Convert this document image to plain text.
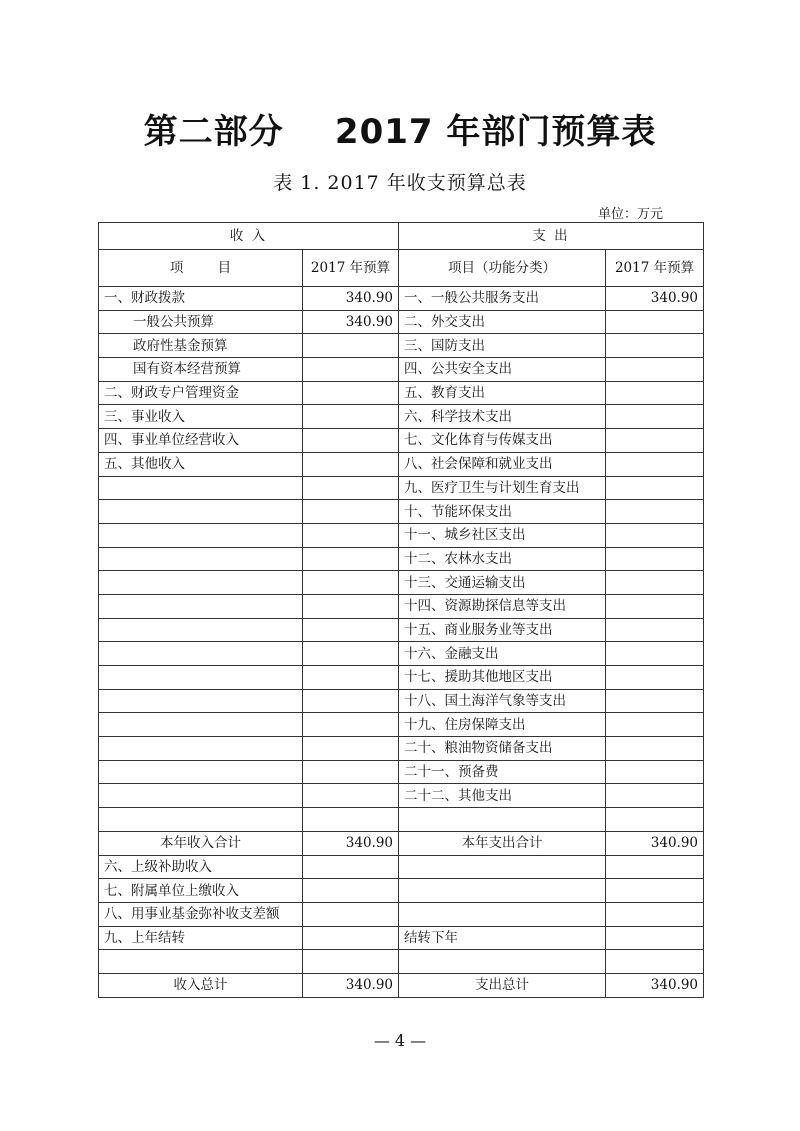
第二部分    2017 年部门预算表
表 1. 2017 年收支预算总表
单位：万元
收 入		支 出	
项        目	2017 年预算	项目（功能分类）	2017 年预算
一、财政拨款	340.90	一、一般公共服务支出	340.90
一般公共预算	340.90	二、外交支出	
政府性基金预算		三、国防支出	
国有资本经营预算		四、公共安全支出	
二、财政专户管理资金		五、教育支出	
三、事业收入		六、科学技术支出	
四、事业单位经营收入		七、文化体育与传媒支出	
五、其他收入		八、社会保障和就业支出	
		九、医疗卫生与计划生育支出	
		十、节能环保支出	
		十一、城乡社区支出	
		十二、农林水支出	
		十三、交通运输支出	
		十四、资源勘探信息等支出	
		十五、商业服务业等支出	
		十六、金融支出	
		十七、援助其他地区支出	
		十八、国土海洋气象等支出	
		十九、住房保障支出	
		二十、粮油物资储备支出	
		二十一、预备费	
		二十二、其他支出	

本年收入合计	340.90	本年支出合计	340.90
六、上级补助收入			
七、附属单位上缴收入			
八、用事业基金弥补收支差额			
九、上年结转		结转下年	

收入总计	340.90	支出总计	340.90
— 4 —
